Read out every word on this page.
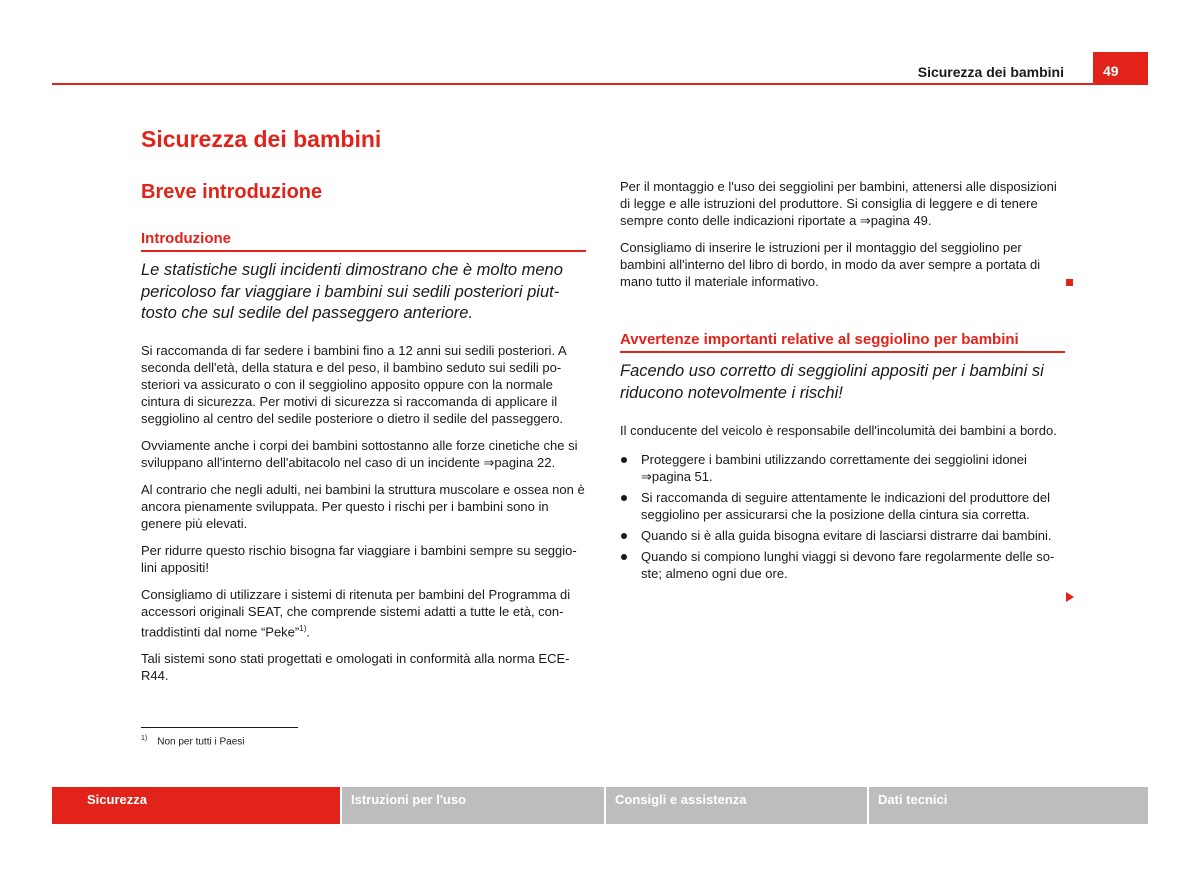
Sicurezza dei bambini	49
Sicurezza dei bambini
Breve introduzione
Introduzione

Le statistiche sugli incidenti dimostrano che è molto meno pericoloso far viaggiare i bambini sui sedili posteriori piuttosto che sul sedile del passeggero anteriore.

Si raccomanda di far sedere i bambini fino a 12 anni sui sedili posteriori. A seconda dell'età, della statura e del peso, il bambino seduto sui sedili posteriori va assicurato o con il seggiolino apposito oppure con la normale cintura di sicurezza. Per motivi di sicurezza si raccomanda di applicare il seggiolino al centro del sedile posteriore o dietro il sedile del passeggero.

Ovviamente anche i corpi dei bambini sottostanno alle forze cinetiche che si sviluppano all'interno dell'abitacolo nel caso di un incidente ⇒pagina 22.

Al contrario che negli adulti, nei bambini la struttura muscolare e ossea non è ancora pienamente sviluppata. Per questo i rischi per i bambini sono in genere più elevati.

Per ridurre questo rischio bisogna far viaggiare i bambini sempre su seggiolini appositi!

Consigliamo di utilizzare i sistemi di ritenuta per bambini del Programma di accessori originali SEAT, che comprende sistemi adatti a tutte le età, contraddistinti dal nome “Peke”$^{1)}$.

Tali sistemi sono stati progettati e omologati in conformità alla norma ECE-R44.

$^{1)}$ Non per tutti i Paesi

Per il montaggio e l'uso dei seggiolini per bambini, attenersi alle disposizioni di legge e alle istruzioni del produttore. Si consiglia di leggere e di tenere sempre conto delle indicazioni riportate a ⇒pagina 49.

Consigliamo di inserire le istruzioni per il montaggio del seggiolino per bambini all'interno del libro di bordo, in modo da aver sempre a portata di mano tutto il materiale informativo.

Avvertenze importanti relative al seggiolino per bambini

Facendo uso corretto di seggiolini appositi per i bambini si riducono notevolmente i rischi!

Il conducente del veicolo è responsabile dell'incolumità dei bambini a bordo.

Proteggere i bambini utilizzando correttamente dei seggiolini idonei ⇒pagina 51.
Si raccomanda di seguire attentamente le indicazioni del produttore del seggiolino per assicurarsi che la posizione della cintura sia corretta.
Quando si è alla guida bisogna evitare di lasciarsi distrarre dai bambini.
Quando si compiono lunghi viaggi si devono fare regolarmente delle soste; almeno ogni due ore.
Sicurezza	Istruzioni per l'uso	Consigli e assistenza	Dati tecnici
